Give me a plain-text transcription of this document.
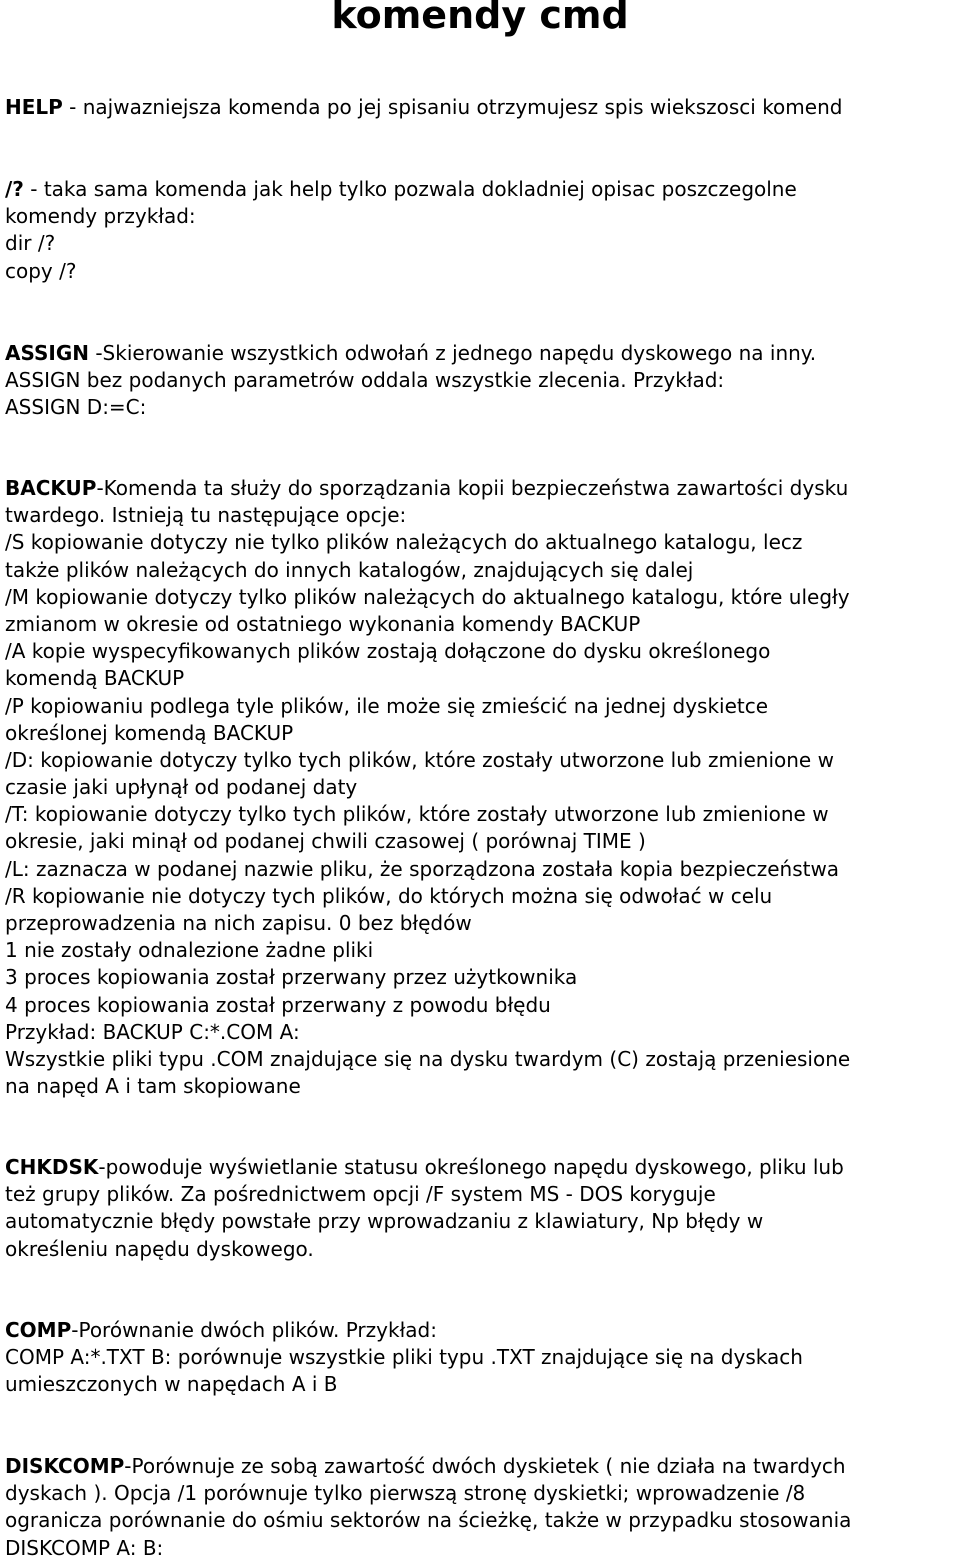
komendy cmd
HELP - najwazniejsza komenda po jej spisaniu otrzymujesz spis wiekszosci komend
/? - taka sama komenda jak help tylko pozwala dokladniej opisac poszczegolne
komendy przykład:
dir /?
copy /?
ASSIGN -Skierowanie wszystkich odwołań z jednego napędu dyskowego na inny.
ASSIGN bez podanych parametrów oddala wszystkie zlecenia. Przykład:
ASSIGN D:=C:
BACKUP-Komenda ta służy do sporządzania kopii bezpieczeństwa zawartości dysku
twardego. Istnieją tu następujące opcje:
/S kopiowanie dotyczy nie tylko plików należących do aktualnego katalogu, lecz
także plików należących do innych katalogów, znajdujących się dalej
/M kopiowanie dotyczy tylko plików należących do aktualnego katalogu, które uległy
zmianom w okresie od ostatniego wykonania komendy BACKUP
/A kopie wyspecyfikowanych plików zostają dołączone do dysku określonego
komendą BACKUP
/P kopiowaniu podlega tyle plików, ile może się zmieścić na jednej dyskietce
określonej komendą BACKUP
/D: kopiowanie dotyczy tylko tych plików, które zostały utworzone lub zmienione w
czasie jaki upłynął od podanej daty
/T: kopiowanie dotyczy tylko tych plików, które zostały utworzone lub zmienione w
okresie, jaki minął od podanej chwili czasowej ( porównaj TIME )
/L: zaznacza w podanej nazwie pliku, że sporządzona została kopia bezpieczeństwa
/R kopiowanie nie dotyczy tych plików, do których można się odwołać w celu
przeprowadzenia na nich zapisu. 0 bez błędów
1 nie zostały odnalezione żadne pliki
3 proces kopiowania został przerwany przez użytkownika
4 proces kopiowania został przerwany z powodu błędu
Przykład: BACKUP C:*.COM A:
Wszystkie pliki typu .COM znajdujące się na dysku twardym (C) zostają przeniesione
na napęd A i tam skopiowane
CHKDSK-powoduje wyświetlanie statusu określonego napędu dyskowego, pliku lub
też grupy plików. Za pośrednictwem opcji /F system MS - DOS koryguje
automatycznie błędy powstałe przy wprowadzaniu z klawiatury, Np błędy w
określeniu napędu dyskowego.
COMP-Porównanie dwóch plików. Przykład:
COMP A:*.TXT B: porównuje wszystkie pliki typu .TXT znajdujące się na dyskach
umieszczonych w napędach A i B
DISKCOMP-Porównuje ze sobą zawartość dwóch dyskietek ( nie działa na twardych
dyskach ). Opcja /1 porównuje tylko pierwszą stronę dyskietki; wprowadzenie /8
ogranicza porównanie do ośmiu sektorów na ścieżkę, także w przypadku stosowania
DISKCOMP A: B:
